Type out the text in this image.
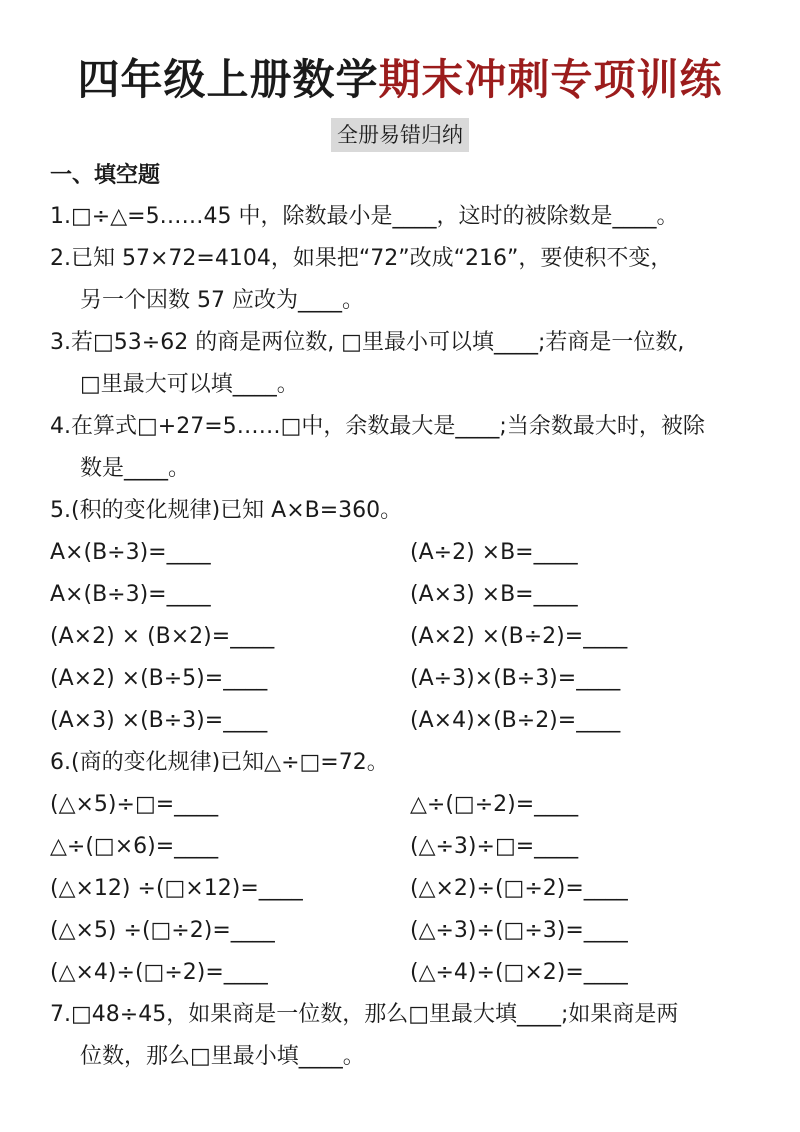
四年级上册数学期末冲刺专项训练
全册易错归纳
一、填空题
1.□÷△=5……45 中，除数最小是____，这时的被除数是____。
2.已知 57×72=4104，如果把“72”改成“216”，要使积不变，
另一个因数 57 应改为____。
3.若□53÷62 的商是两位数, □里最小可以填____;若商是一位数,
□里最大可以填____。
4.在算式□+27=5……□中，余数最大是____;当余数最大时，被除
数是____。
5.(积的变化规律)已知 A×B=360。
A×(B÷3)=____	(A÷2) ×B=____
A×(B÷3)=____	(A×3) ×B=____
(A×2) × (B×2)=____	(A×2) ×(B÷2)=____
(A×2) ×(B÷5)=____	(A÷3)×(B÷3)=____
(A×3) ×(B÷3)=____	(A×4)×(B÷2)=____
6.(商的变化规律)已知△÷□=72。
(△×5)÷□=____	△÷(□÷2)=____
△÷(□×6)=____	(△÷3)÷□=____
(△×12) ÷(□×12)=____	(△×2)÷(□÷2)=____
(△×5) ÷(□÷2)=____	(△÷3)÷(□÷3)=____
(△×4)÷(□÷2)=____	(△÷4)÷(□×2)=____
7.□48÷45，如果商是一位数，那么□里最大填____;如果商是两
位数，那么□里最小填____。
